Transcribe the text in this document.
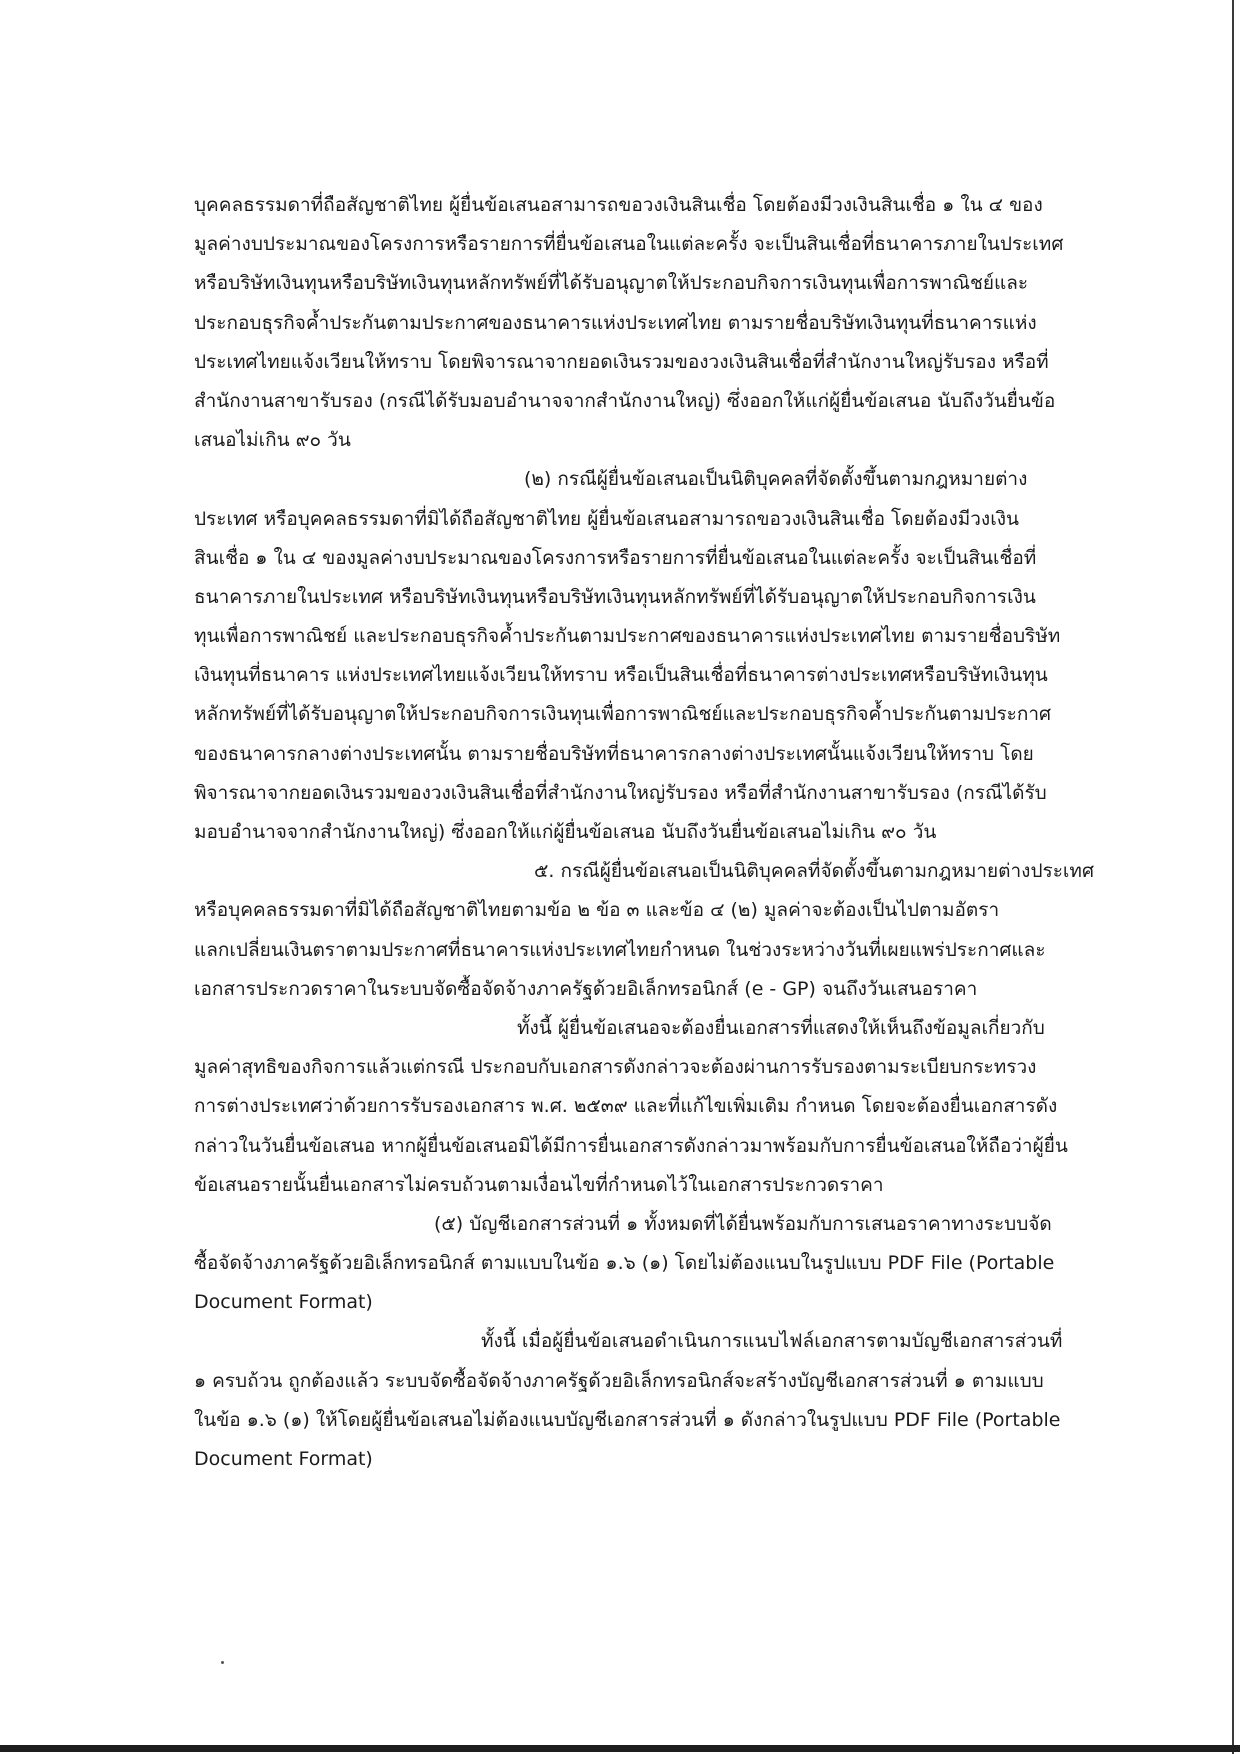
บุคคลธรรมดาที่ถือสัญชาติไทย ผู้ยื่นข้อเสนอสามารถขอวงเงินสินเชื่อ โดยต้องมีวงเงินสินเชื่อ ๑ ใน ๔ ของ
มูลค่างบประมาณของโครงการหรือรายการที่ยื่นข้อเสนอในแต่ละครั้ง จะเป็นสินเชื่อที่ธนาคารภายในประเทศ
หรือบริษัทเงินทุนหรือบริษัทเงินทุนหลักทรัพย์ที่ได้รับอนุญาตให้ประกอบกิจการเงินทุนเพื่อการพาณิชย์และ
ประกอบธุรกิจค้ำประกันตามประกาศของธนาคารแห่งประเทศไทย ตามรายชื่อบริษัทเงินทุนที่ธนาคารแห่ง
ประเทศไทยแจ้งเวียนให้ทราบ โดยพิจารณาจากยอดเงินรวมของวงเงินสินเชื่อที่สำนักงานใหญ่รับรอง หรือที่
สำนักงานสาขารับรอง (กรณีได้รับมอบอำนาจจากสำนักงานใหญ่) ซึ่งออกให้แก่ผู้ยื่นข้อเสนอ นับถึงวันยื่นข้อ
เสนอไม่เกิน ๙๐ วัน
(๒) กรณีผู้ยื่นข้อเสนอเป็นนิติบุคคลที่จัดตั้งขึ้นตามกฎหมายต่าง
ประเทศ หรือบุคคลธรรมดาที่มิได้ถือสัญชาติไทย ผู้ยื่นข้อเสนอสามารถขอวงเงินสินเชื่อ โดยต้องมีวงเงิน
สินเชื่อ ๑ ใน ๔ ของมูลค่างบประมาณของโครงการหรือรายการที่ยื่นข้อเสนอในแต่ละครั้ง จะเป็นสินเชื่อที่
ธนาคารภายในประเทศ หรือบริษัทเงินทุนหรือบริษัทเงินทุนหลักทรัพย์ที่ได้รับอนุญาตให้ประกอบกิจการเงิน
ทุนเพื่อการพาณิชย์ และประกอบธุรกิจค้ำประกันตามประกาศของธนาคารแห่งประเทศไทย ตามรายชื่อบริษัท
เงินทุนที่ธนาคาร แห่งประเทศไทยแจ้งเวียนให้ทราบ หรือเป็นสินเชื่อที่ธนาคารต่างประเทศหรือบริษัทเงินทุน
หลักทรัพย์ที่ได้รับอนุญาตให้ประกอบกิจการเงินทุนเพื่อการพาณิชย์และประกอบธุรกิจค้ำประกันตามประกาศ
ของธนาคารกลางต่างประเทศนั้น ตามรายชื่อบริษัทที่ธนาคารกลางต่างประเทศนั้นแจ้งเวียนให้ทราบ โดย
พิจารณาจากยอดเงินรวมของวงเงินสินเชื่อที่สำนักงานใหญ่รับรอง หรือที่สำนักงานสาขารับรอง (กรณีได้รับ
มอบอำนาจจากสำนักงานใหญ่) ซึ่งออกให้แก่ผู้ยื่นข้อเสนอ นับถึงวันยื่นข้อเสนอไม่เกิน ๙๐ วัน
๕. กรณีผู้ยื่นข้อเสนอเป็นนิติบุคคลที่จัดตั้งขึ้นตามกฎหมายต่างประเทศ
หรือบุคคลธรรมดาที่มิได้ถือสัญชาติไทยตามข้อ ๒ ข้อ ๓ และข้อ ๔ (๒) มูลค่าจะต้องเป็นไปตามอัตรา
แลกเปลี่ยนเงินตราตามประกาศที่ธนาคารแห่งประเทศไทยกำหนด ในช่วงระหว่างวันที่เผยแพร่ประกาศและ
เอกสารประกวดราคาในระบบจัดซื้อจัดจ้างภาครัฐด้วยอิเล็กทรอนิกส์ (e - GP) จนถึงวันเสนอราคา
ทั้งนี้ ผู้ยื่นข้อเสนอจะต้องยื่นเอกสารที่แสดงให้เห็นถึงข้อมูลเกี่ยวกับ
มูลค่าสุทธิของกิจการแล้วแต่กรณี ประกอบกับเอกสารดังกล่าวจะต้องผ่านการรับรองตามระเบียบกระทรวง
การต่างประเทศว่าด้วยการรับรองเอกสาร พ.ศ. ๒๕๓๙ และที่แก้ไขเพิ่มเติม กำหนด โดยจะต้องยื่นเอกสารดัง
กล่าวในวันยื่นข้อเสนอ หากผู้ยื่นข้อเสนอมิได้มีการยื่นเอกสารดังกล่าวมาพร้อมกับการยื่นข้อเสนอให้ถือว่าผู้ยื่น
ข้อเสนอรายนั้นยื่นเอกสารไม่ครบถ้วนตามเงื่อนไขที่กำหนดไว้ในเอกสารประกวดราคา
(๕) บัญชีเอกสารส่วนที่ ๑ ทั้งหมดที่ได้ยื่นพร้อมกับการเสนอราคาทางระบบจัด
ซื้อจัดจ้างภาครัฐด้วยอิเล็กทรอนิกส์ ตามแบบในข้อ ๑.๖ (๑) โดยไม่ต้องแนบในรูปแบบ PDF File (Portable
Document Format)
ทั้งนี้ เมื่อผู้ยื่นข้อเสนอดำเนินการแนบไฟล์เอกสารตามบัญชีเอกสารส่วนที่
๑ ครบถ้วน ถูกต้องแล้ว ระบบจัดซื้อจัดจ้างภาครัฐด้วยอิเล็กทรอนิกส์จะสร้างบัญชีเอกสารส่วนที่ ๑ ตามแบบ
ในข้อ ๑.๖ (๑) ให้โดยผู้ยื่นข้อเสนอไม่ต้องแนบบัญชีเอกสารส่วนที่ ๑ ดังกล่าวในรูปแบบ PDF File (Portable
Document Format)
